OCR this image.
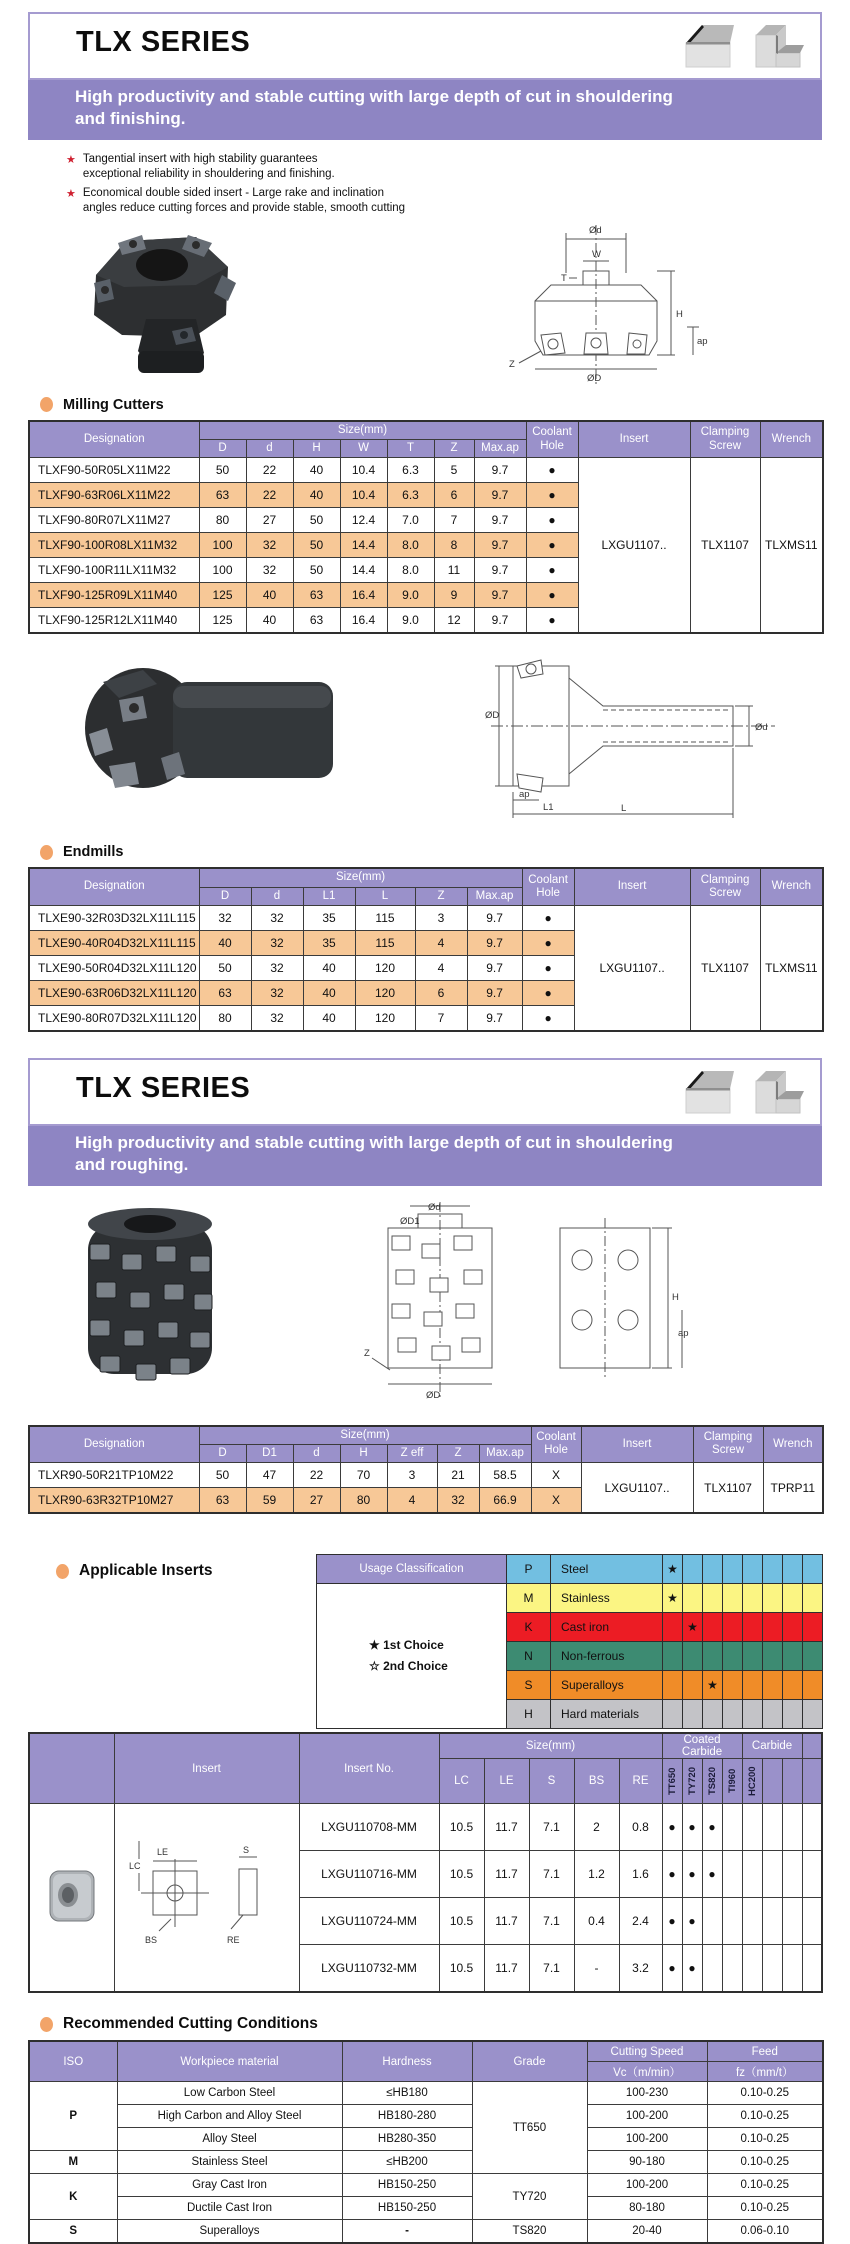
TLX SERIES
High productivity and stable cutting with large depth of cut in shouldering
and finishing.
★ Tangential insert with high stability guarantees
exceptional reliability in shouldering and finishing.
★ Economical double sided insert - Large rake and inclination
angles reduce cutting forces and provide stable, smooth cutting
Ød
W
T
H
ap
ØD
Z
Milling Cutters
Designation	Size(mm)							Coolant Hole	Insert	Clamping Screw	Wrench
	D	d	H	W	T	Z	Max.ap				
TLXF90-50R05LX11M22	50	22	40	10.4	6.3	5	9.7	●	LXGU1107..	TLX1107	TLXMS11
TLXF90-63R06LX11M22	63	22	40	10.4	6.3	6	9.7	●			
TLXF90-80R07LX11M27	80	27	50	12.4	7.0	7	9.7	●			
TLXF90-100R08LX11M32	100	32	50	14.4	8.0	8	9.7	●			
TLXF90-100R11LX11M32	100	32	50	14.4	8.0	11	9.7	●			
TLXF90-125R09LX11M40	125	40	63	16.4	9.0	9	9.7	●			
TLXF90-125R12LX11M40	125	40	63	16.4	9.0	12	9.7	●			
ØD
Ød
ap
L1	L
Endmills
Designation	Size(mm)						Coolant Hole	Insert	Clamping Screw	Wrench
	D	d	L1	L	Z	Max.ap				
TLXE90-32R03D32LX11L115	32	32	35	115	3	9.7	●	LXGU1107..	TLX1107	TLXMS11
TLXE90-40R04D32LX11L115	40	32	35	115	4	9.7	●			
TLXE90-50R04D32LX11L120	50	32	40	120	4	9.7	●			
TLXE90-63R06D32LX11L120	63	32	40	120	6	9.7	●			
TLXE90-80R07D32LX11L120	80	32	40	120	7	9.7	●			
TLX SERIES
High productivity and stable cutting with large depth of cut in shouldering
and roughing.
Ød
ØD1
ØD
Z
H
ap
Designation	Size(mm)							Coolant Hole	Insert	Clamping Screw	Wrench
	D	D1	d	H	Z eff	Z	Max.ap				
TLXR90-50R21TP10M22	50	47	22	70	3	21	58.5	X	LXGU1107..	TLX1107	TPRP11
TLXR90-63R32TP10M27	63	59	27	80	4	32	66.9	X			
Applicable Inserts	Usage Classification	P	Steel	★							

★ 1st Choice
☆ 2nd Choice	M	Stainless	★							
	K	Cast iron		★						
	N	Non-ferrous								
	S	Superalloys			★					
	H	Hard materials								
	Insert	Insert No.	Size(mm)					Coated Carbide				Carbide			
			LC	LE	S	BS	RE	TT650	TY720	TS820	TI960	HC200			

LE
LC
S
BS RE	LXGU110708-MM	10.5	11.7	7.1	2	0.8	●	●	●					
		LXGU110716-MM	10.5	11.7	7.1	1.2	1.6	●	●	●					
		LXGU110724-MM	10.5	11.7	7.1	0.4	2.4	●	●						
		LXGU110732-MM	10.5	11.7	7.1	-	3.2	●	●						
Recommended Cutting Conditions
ISO	Workpiece material	Hardness	Grade	Cutting Speed	Feed
				Vc（m/min）	fz（mm/t）
P	Low Carbon Steel	≤HB180	TT650	100-230	0.10-0.25
	High Carbon and Alloy Steel	HB180-280		100-200	0.10-0.25
	Alloy Steel	HB280-350		100-200	0.10-0.25
M	Stainless Steel	≤HB200		90-180	0.10-0.25
K	Gray Cast Iron	HB150-250	TY720	100-200	0.10-0.25
	Ductile Cast Iron	HB150-250		80-180	0.10-0.25
S	Superalloys	-	TS820	20-40	0.06-0.10
